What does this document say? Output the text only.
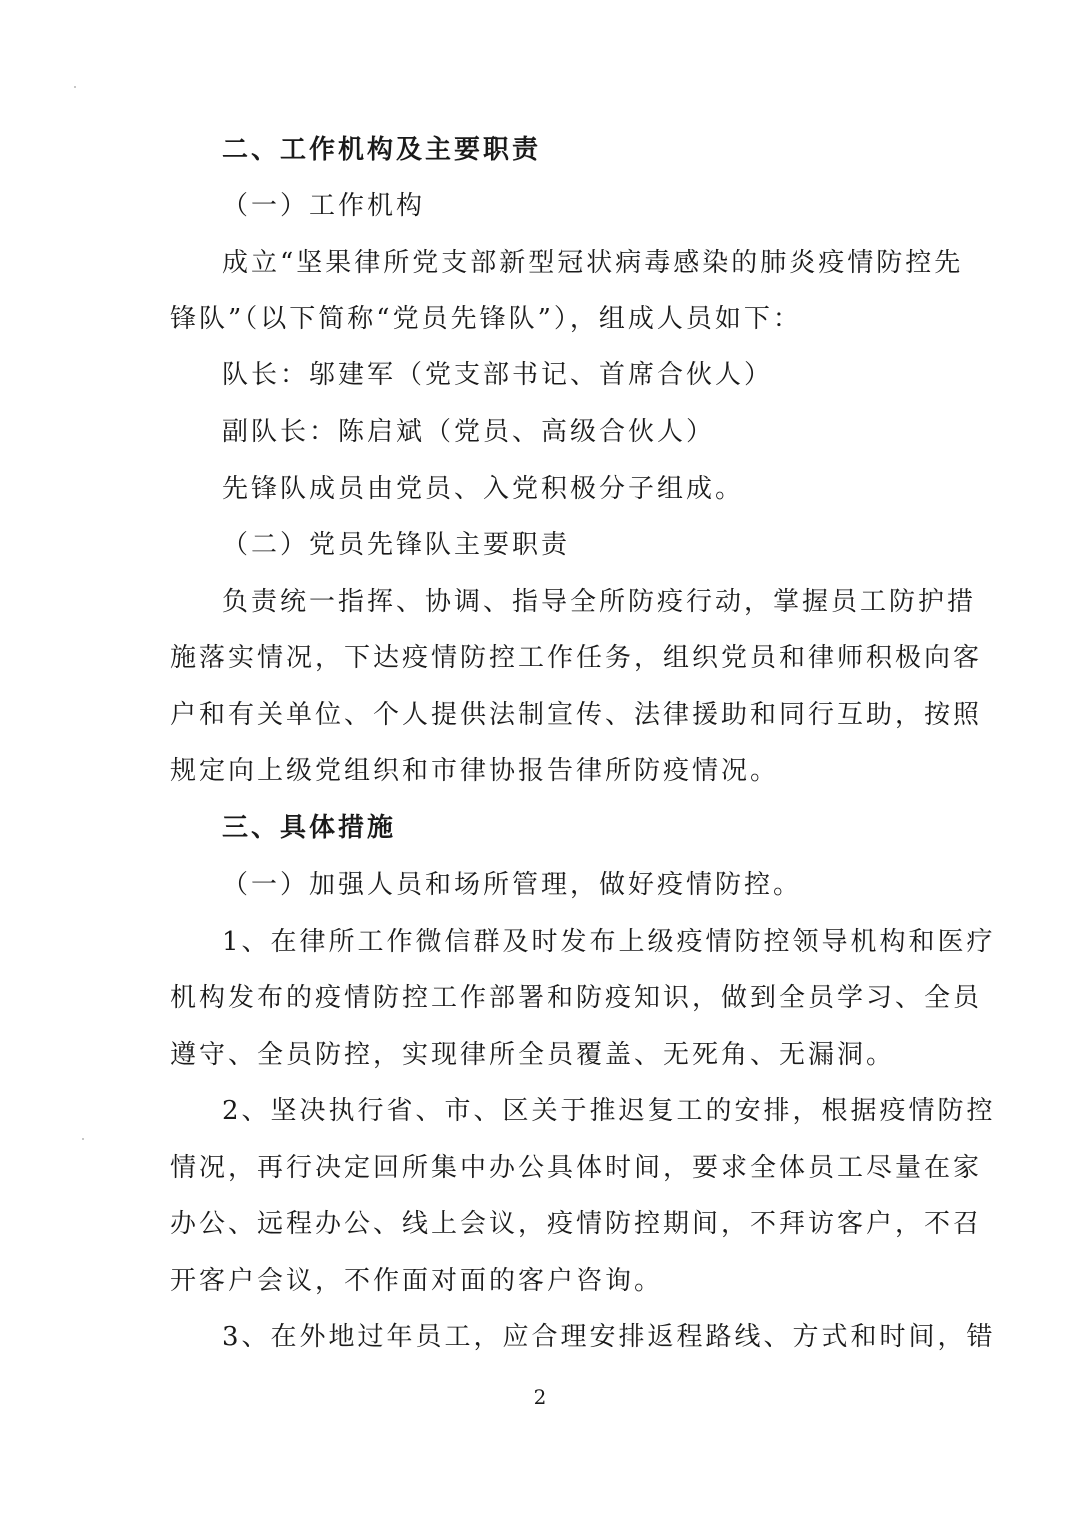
二、工作机构及主要职责
（一）工作机构
成立“坚果律所党支部新型冠状病毒感染的肺炎疫情防控先
锋队”（以下简称“党员先锋队”），组成人员如下：
队长：邬建军（党支部书记、首席合伙人）
副队长：陈启斌（党员、高级合伙人）
先锋队成员由党员、入党积极分子组成。
（二）党员先锋队主要职责
负责统一指挥、协调、指导全所防疫行动，掌握员工防护措
施落实情况，下达疫情防控工作任务，组织党员和律师积极向客
户和有关单位、个人提供法制宣传、法律援助和同行互助，按照
规定向上级党组织和市律协报告律所防疫情况。
三、具体措施
（一）加强人员和场所管理，做好疫情防控。
1、在律所工作微信群及时发布上级疫情防控领导机构和医疗
机构发布的疫情防控工作部署和防疫知识，做到全员学习、全员
遵守、全员防控，实现律所全员覆盖、无死角、无漏洞。
2、坚决执行省、市、区关于推迟复工的安排，根据疫情防控
情况，再行决定回所集中办公具体时间，要求全体员工尽量在家
办公、远程办公、线上会议，疫情防控期间，不拜访客户，不召
开客户会议，不作面对面的客户咨询。
3、在外地过年员工，应合理安排返程路线、方式和时间，错
2
